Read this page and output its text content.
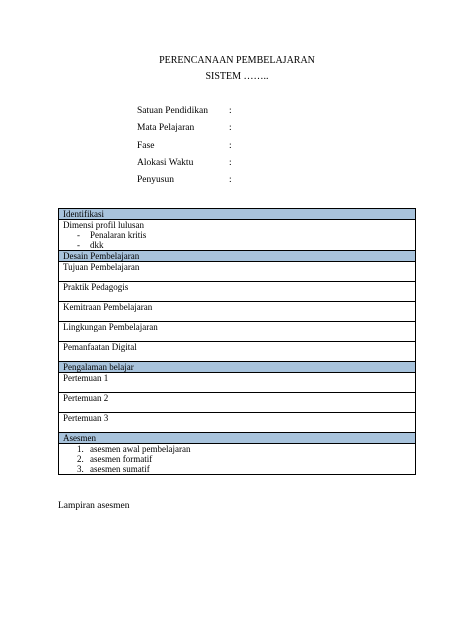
PERENCANAAN PEMBELAJARAN
SISTEM ……..
Satuan Pendidikan	:
Mata Pelajaran	:
Fase	:
Alokasi Waktu	:
Penyusun	:
Identifikasi

Dimensi profil lulusan
-	Penalaran kritis
-	dkk

Desain Pembelajaran
Tujuan Pembelajaran
Praktik Pedagogis
Kemitraan Pembelajaran
Lingkungan Pembelajaran
Pemanfaatan Digital
Pengalaman belajar
Pertemuan 1
Pertemuan 2
Pertemuan 3
Asesmen

1. asesmen awal pembelajaran
2. asesmen formatif
3. asesmen sumatif
Lampiran asesmen
